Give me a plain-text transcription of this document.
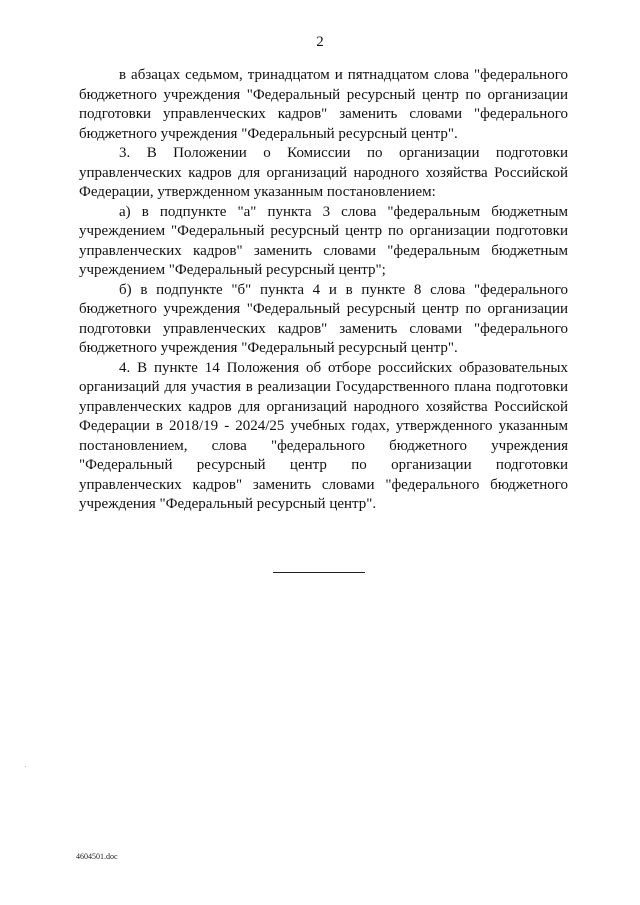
2

в абзацах седьмом, тринадцатом и пятнадцатом слова "федерального бюджетного учреждения "Федеральный ресурсный центр по организации подготовки управленческих кадров" заменить словами "федерального бюджетного учреждения "Федеральный ресурсный центр".

3. В Положении о Комиссии по организации подготовки управленческих кадров для организаций народного хозяйства Российской Федерации, утвержденном указанным постановлением:

а) в подпункте "а" пункта 3 слова "федеральным бюджетным учреждением "Федеральный ресурсный центр по организации подготовки управленческих кадров" заменить словами "федеральным бюджетным учреждением "Федеральный ресурсный центр";

б) в подпункте "б" пункта 4 и в пункте 8 слова "федерального бюджетного учреждения "Федеральный ресурсный центр по организации подготовки управленческих кадров" заменить словами "федерального бюджетного учреждения "Федеральный ресурсный центр".

4. В пункте 14 Положения об отборе российских образовательных организаций для участия в реализации Государственного плана подготовки управленческих кадров для организаций народного хозяйства Российской Федерации в 2018/19 - 2024/25 учебных годах, утвержденного указанным постановлением, слова "федерального бюджетного учреждения "Федеральный ресурсный центр по организации подготовки управленческих кадров" заменить словами "федерального бюджетного учреждения "Федеральный ресурсный центр".

4604501.doc
